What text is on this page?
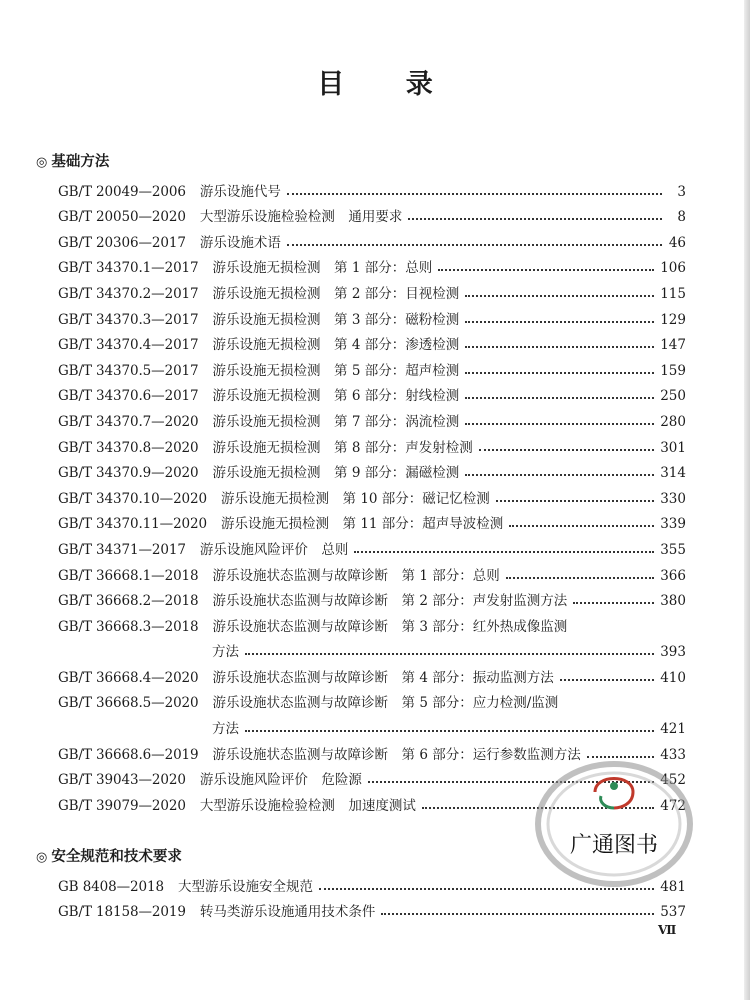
目 录
◎ 基础方法
GB/T 20049—2006 游乐设施代号	3
GB/T 20050—2020 大型游乐设施检验检测　通用要求	8
GB/T 20306—2017 游乐设施术语	46
GB/T 34370.1—2017 游乐设施无损检测　第 1 部分：总则	106
GB/T 34370.2—2017 游乐设施无损检测　第 2 部分：目视检测	115
GB/T 34370.3—2017 游乐设施无损检测　第 3 部分：磁粉检测	129
GB/T 34370.4—2017 游乐设施无损检测　第 4 部分：渗透检测	147
GB/T 34370.5—2017 游乐设施无损检测　第 5 部分：超声检测	159
GB/T 34370.6—2017 游乐设施无损检测　第 6 部分：射线检测	250
GB/T 34370.7—2020 游乐设施无损检测　第 7 部分：涡流检测	280
GB/T 34370.8—2020 游乐设施无损检测　第 8 部分：声发射检测	301
GB/T 34370.9—2020 游乐设施无损检测　第 9 部分：漏磁检测	314
GB/T 34370.10—2020 游乐设施无损检测　第 10 部分：磁记忆检测	330
GB/T 34370.11—2020 游乐设施无损检测　第 11 部分：超声导波检测	339
GB/T 34371—2017 游乐设施风险评价　总则	355
GB/T 36668.1—2018 游乐设施状态监测与故障诊断　第 1 部分：总则	366
GB/T 36668.2—2018 游乐设施状态监测与故障诊断　第 2 部分：声发射监测方法	380
GB/T 36668.3—2018 游乐设施状态监测与故障诊断　第 3 部分：红外热成像监测
方法	393
GB/T 36668.4—2020 游乐设施状态监测与故障诊断　第 4 部分：振动监测方法	410
GB/T 36668.5—2020 游乐设施状态监测与故障诊断　第 5 部分：应力检测/监测
方法	421
GB/T 36668.6—2019 游乐设施状态监测与故障诊断　第 6 部分：运行参数监测方法	433
GB/T 39043—2020 游乐设施风险评价　危险源	452
GB/T 39079—2020 大型游乐设施检验检测　加速度测试	472
◎ 安全规范和技术要求
GB 8408—2018 大型游乐设施安全规范	481
GB/T 18158—2019 转马类游乐设施通用技术条件	537
广通图书
Ⅶ
